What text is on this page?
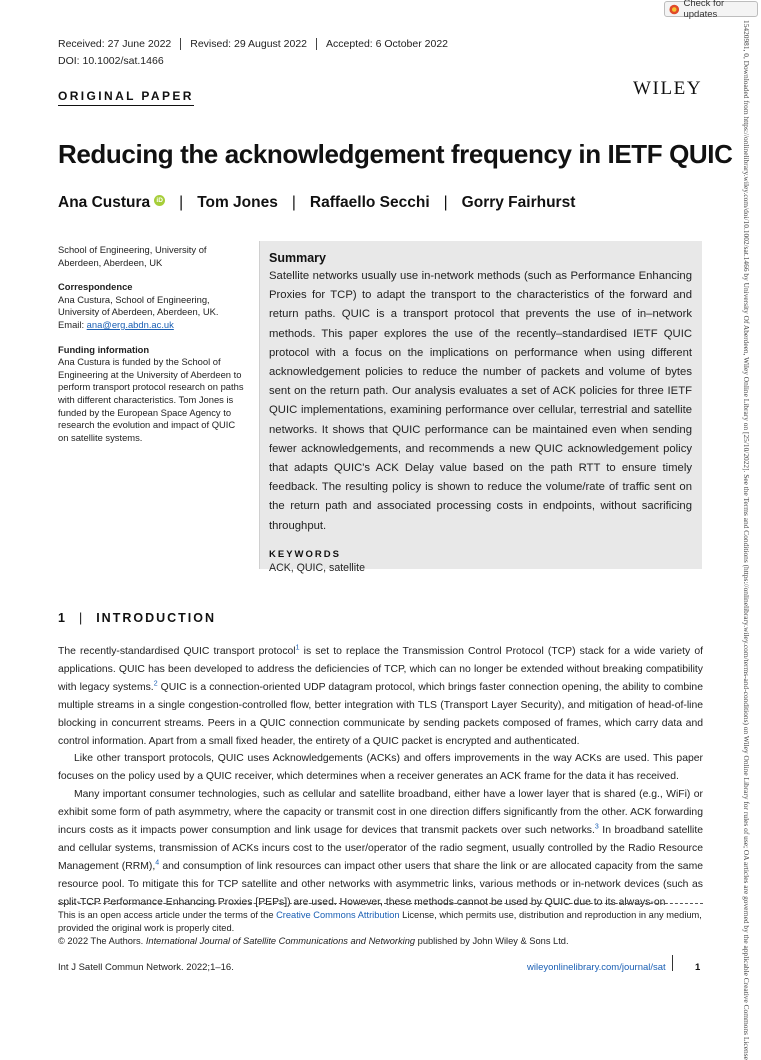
Check for updates
Received: 27 June 2022	Revised: 29 August 2022	Accepted: 6 October 2022
DOI: 10.1002/sat.1466
ORIGINAL PAPER	WILEY
Reducing the acknowledgement frequency in IETF QUIC
Ana Custura iD	| Tom Jones | Raffaello Secchi | Gorry Fairhurst

School of Engineering, University of Aberdeen, Aberdeen, UK

Correspondence
Ana Custura, School of Engineering, University of Aberdeen, Aberdeen, UK.
Email: ana@erg.abdn.ac.uk

Funding information
Ana Custura is funded by the School of Engineering at the University of Aberdeen to perform transport protocol research on paths with different characteristics. Tom Jones is funded by the European Space Agency to research the evolution and impact of QUIC on satellite systems.

Summary
Satellite networks usually use in-network methods (such as Performance Enhancing Proxies for TCP) to adapt the transport to the characteristics of the forward and return paths. QUIC is a transport protocol that prevents the use of in–network methods. This paper explores the use of the recently–standardised IETF QUIC protocol with a focus on the implications on performance when using different acknowledgement policies to reduce the number of packets and volume of bytes sent on the return path. Our analysis evaluates a set of ACK policies for three IETF QUIC implementations, examining performance over cellular, terrestrial and satellite networks. It shows that QUIC performance can be maintained even when sending fewer acknowledgements, and recommends a new QUIC acknowledgement policy that adapts QUIC's ACK Delay value based on the path RTT to ensure timely feedback. The resulting policy is shown to reduce the volume/rate of traffic sent on the return path and associated processing costs in endpoints, without sacrificing throughput.
KEYWORDS
ACK, QUIC, satellite
1 | INTRODUCTION

The recently-standardised QUIC transport protocol$^1$ is set to replace the Transmission Control Protocol (TCP) stack for a wide variety of applications. QUIC has been developed to address the deficiencies of TCP, which can no longer be extended without breaking compatibility with legacy systems.$^2$ QUIC is a connection-oriented UDP datagram protocol, which brings faster connection opening, the ability to combine multiple streams in a single congestion-controlled flow, better integration with TLS (Transport Layer Security), and mitigation of head-of-line blocking in concurrent streams. Peers in a QUIC connection communicate by sending packets composed of frames, which carry data and control information. Apart from a small fixed header, the entirety of a QUIC packet is encrypted and authenticated.

Like other transport protocols, QUIC uses Acknowledgements (ACKs) and offers improvements in the way ACKs are used. This paper focuses on the policy used by a QUIC receiver, which determines when a receiver generates an ACK frame for the data it has received.

Many important consumer technologies, such as cellular and satellite broadband, either have a lower layer that is shared (e.g., WiFi) or exhibit some form of path asymmetry, where the capacity or transmit cost in one direction differs significantly from the other. ACK forwarding incurs costs as it impacts power consumption and link usage for devices that transmit packets over such networks.$^3$ In broadband satellite and cellular systems, transmission of ACKs incurs cost to the user/operator of the radio segment, usually controlled by the Radio Resource Management (RRM),$^4$ and consumption of link resources can impact other users that share the link or are allocated capacity from the same resource pool. To mitigate this for TCP satellite and other networks with asymmetric links, various methods or in-network devices (such as split-TCP Performance Enhancing Proxies [PEPs]) are used. However, these methods cannot be used by QUIC due to its always-on

This is an open access article under the terms of the Creative Commons Attribution License, which permits use, distribution and reproduction in any medium, provided the original work is properly cited.

© 2022 The Authors. International Journal of Satellite Communications and Networking published by John Wiley & Sons Ltd.

Int J Satell Commun Network. 2022;1–16.	wileyonlinelibrary.com/journal/sat	1	15420981, 0, Downloaded from https://onlinelibrary.wiley.com/doi/10.1002/sat.1466 by University Of Aberdeen, Wiley Online Library on [25/10/2022]. See the Terms and Conditions (https://onlinelibrary.wiley.com/terms-and-conditions) on Wiley Online Library for rules of use; OA articles are governed by the applicable Creative Commons License
